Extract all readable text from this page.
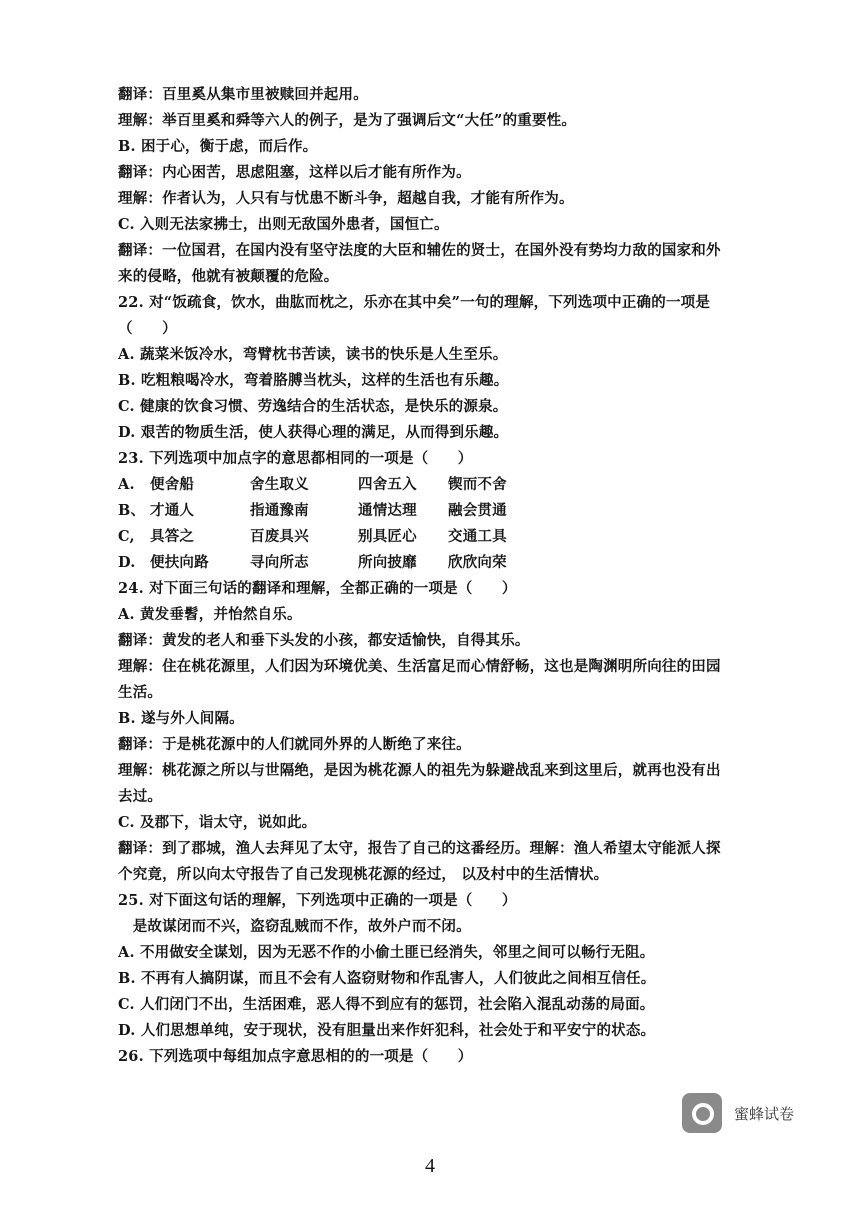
翻译：百里奚从集市里被赎回并起用。
理解：举百里奚和舜等六人的例子，是为了强调后文“大任”的重要性。
B. 困于心，衡于虑，而后作。
翻译：内心困苦，思虑阻塞，这样以后才能有所作为。
理解：作者认为，人只有与忧患不断斗争，超越自我，才能有所作为。
C. 入则无法家拂士，出则无敌国外患者，国恒亡。
翻译：一位国君，在国内没有坚守法度的大臣和辅佐的贤士，在国外没有势均力敌的国家和外
来的侵略，他就有被颠覆的危险。
22. 对“饭疏食，饮水，曲肱而枕之，乐亦在其中矣”一句的理解，下列选项中正确的一项是
（　　）
A. 蔬菜米饭冷水，弯臂枕书苦读，读书的快乐是人生至乐。
B. 吃粗粮喝冷水，弯着胳膊当枕头，这样的生活也有乐趣。
C. 健康的饮食习惯、劳逸结合的生活状态，是快乐的源泉。
D. 艰苦的物质生活，使人获得心理的满足，从而得到乐趣。
23. 下列选项中加点字的意思都相同的一项是（　　）
A.	便舍船	舍生取义	四舍五入	锲而不舍
B、 才通人	指通豫南	通情达理	融会贯通
C,	具答之	百废具兴	别具匠心	交通工具
D. 便扶向路	寻向所志	所向披靡	欣欣向荣
24. 对下面三句话的翻译和理解，全都正确的一项是（　　）
A. 黄发垂髫，并怡然自乐。
翻译：黄发的老人和垂下头发的小孩，都安适愉快，自得其乐。
理解：住在桃花源里，人们因为环境优美、生活富足而心情舒畅，这也是陶渊明所向往的田园
生活。
B. 遂与外人间隔。
翻译：于是桃花源中的人们就同外界的人断绝了来往。
理解：桃花源之所以与世隔绝，是因为桃花源人的祖先为躲避战乱来到这里后，就再也没有出
去过。
C. 及郡下，诣太守，说如此。
翻译：到了郡城，渔人去拜见了太守，报告了自己的这番经历。理解：渔人希望太守能派人探
个究竟，所以向太守报告了自己发现桃花源的经过， 以及村中的生活情状。
25. 对下面这句话的理解，下列选项中正确的一项是（　　）
　是故谋闭而不兴，盗窃乱贼而不作，故外户而不闭。
A. 不用做安全谋划，因为无恶不作的小偷土匪已经消失，邻里之间可以畅行无阻。
B. 不再有人搞阴谋，而且不会有人盗窃财物和作乱害人，人们彼此之间相互信任。
C. 人们闭门不出，生活困难，恶人得不到应有的惩罚，社会陷入混乱动荡的局面。
D. 人们思想单纯，安于现状，没有胆量出来作奸犯科，社会处于和平安宁的状态。
26. 下列选项中每组加点字意思相的的一项是（　　）
蜜蜂试卷
4
